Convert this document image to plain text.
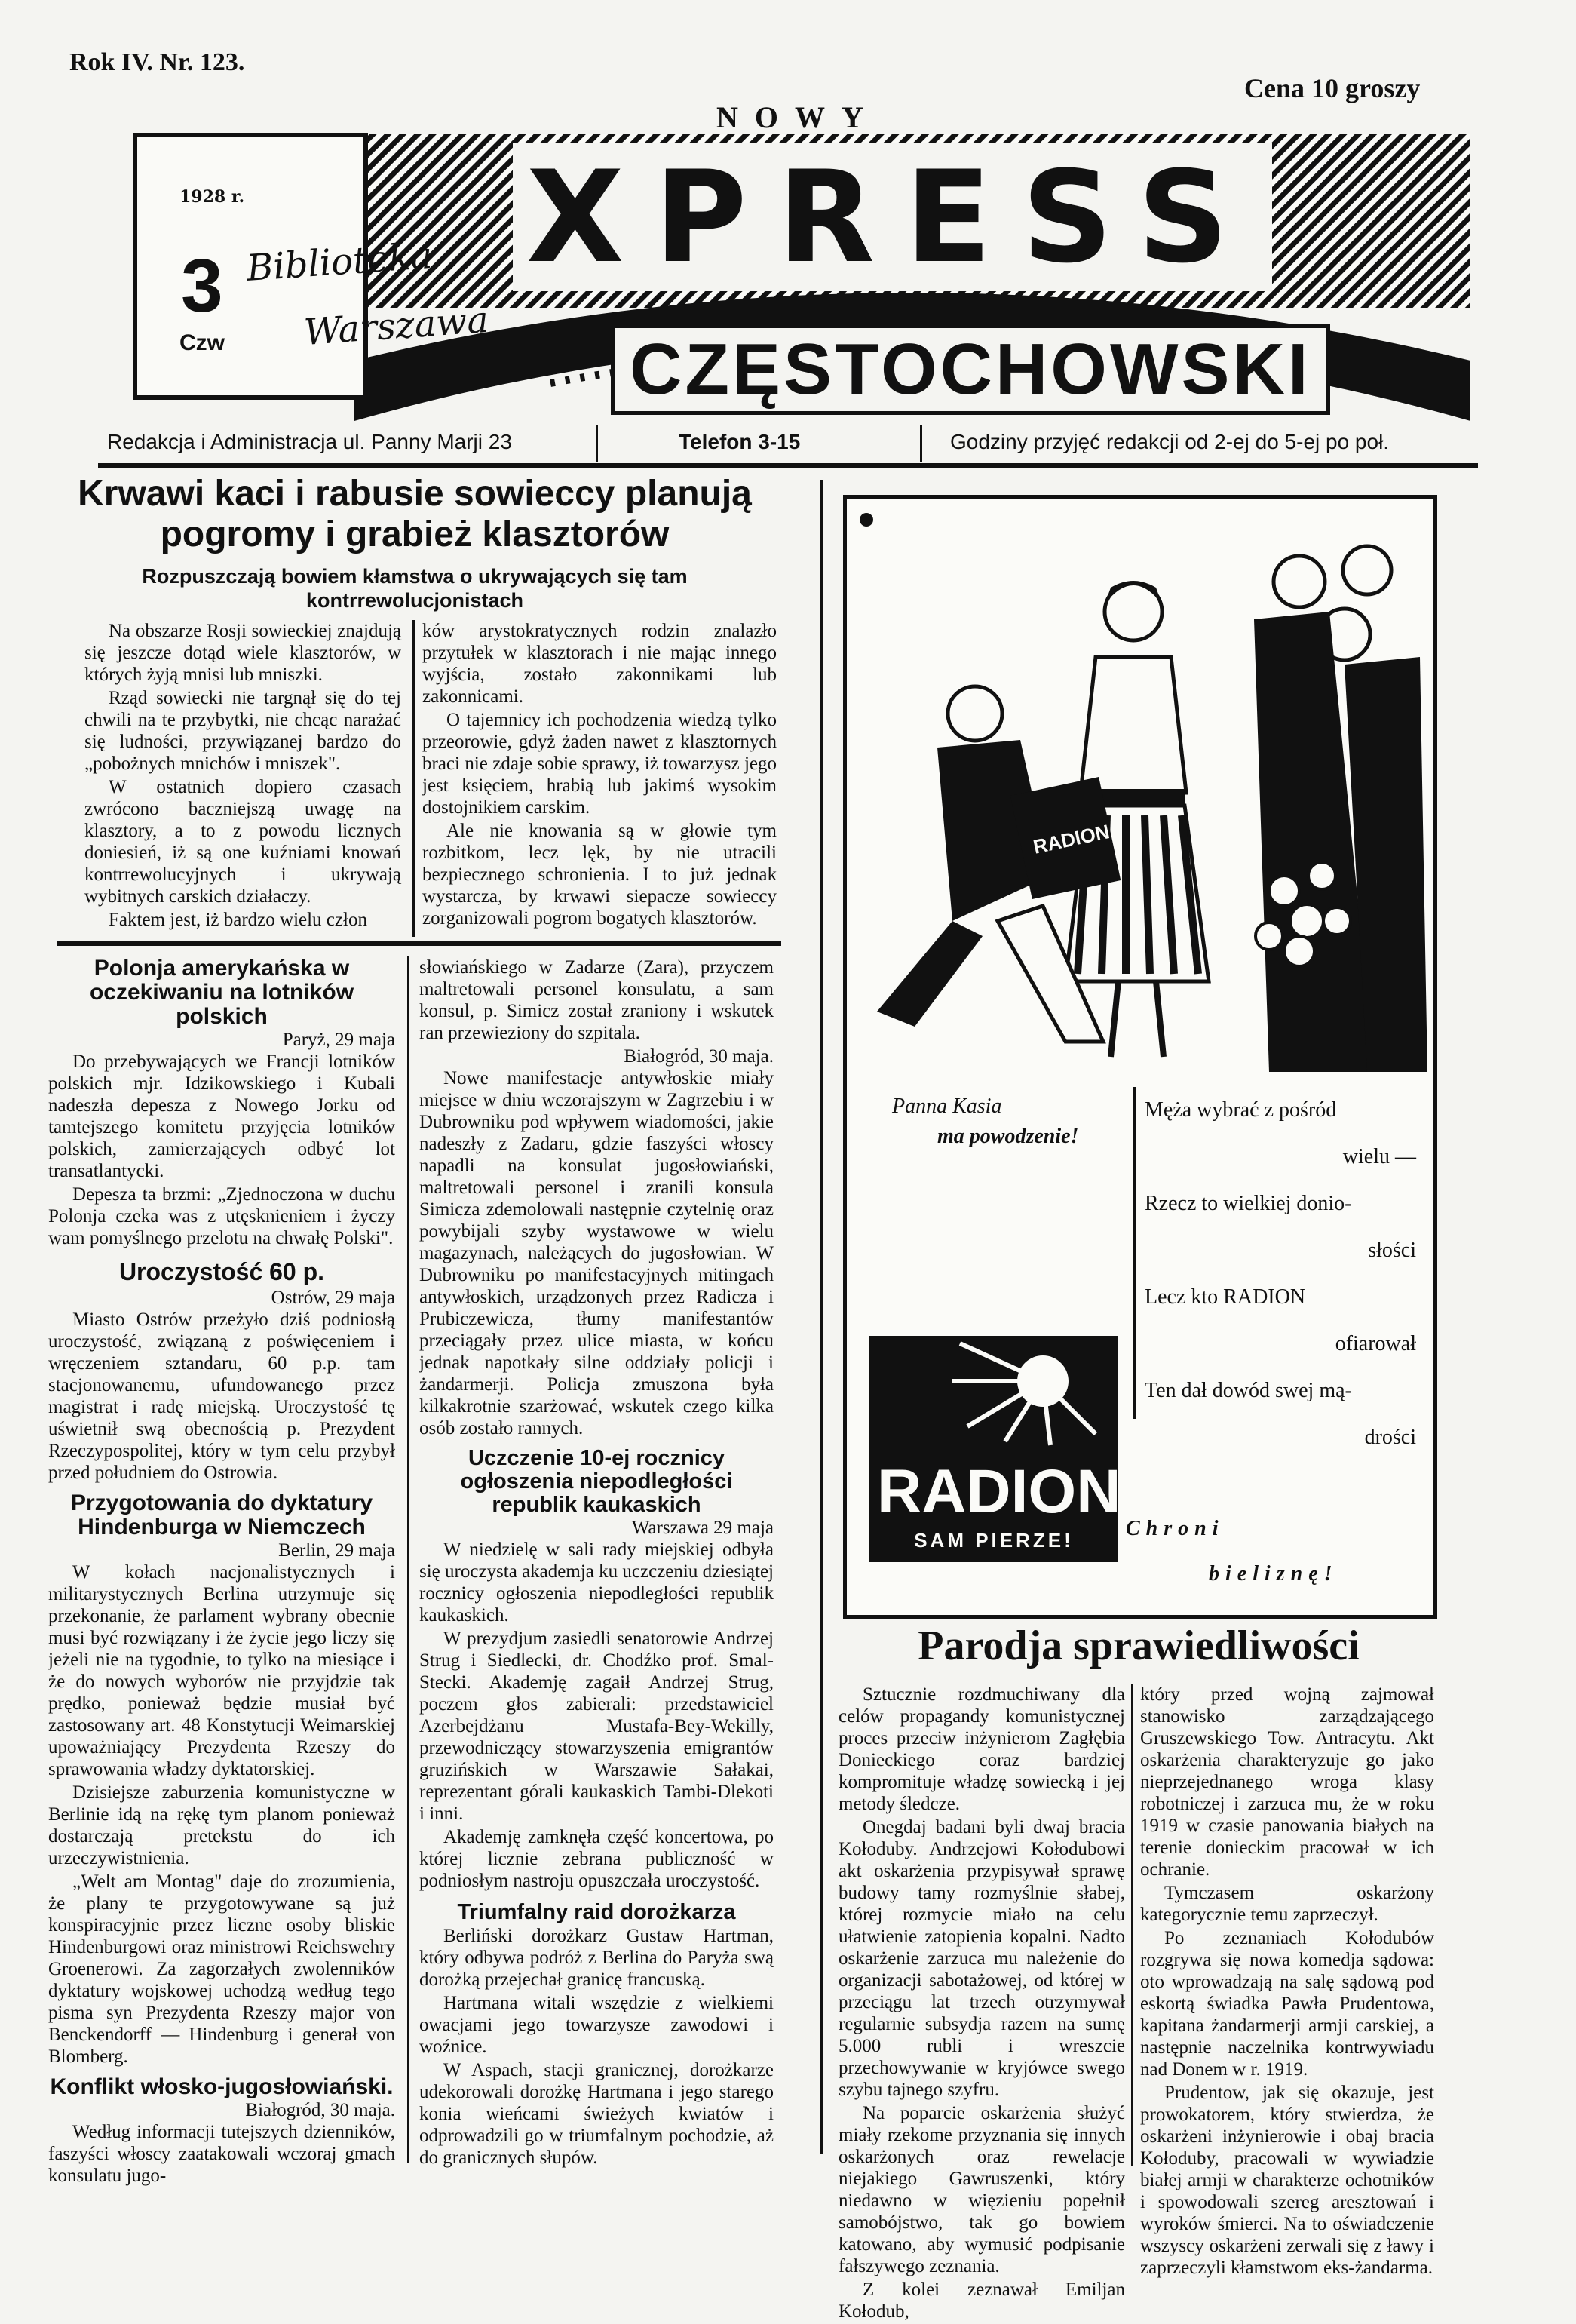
Rok IV. Nr. 123.
Cena 10 groszy
NOWY
XPRESS
CZĘSTOCHOWSKI
1928 r.
3
Czw
Biblioteka
Warszawa
Redakcja i Administracja ul. Panny Marji 23	Telefon 3-15	Godziny przyjęć redakcji od 2-ej do 5-ej po poł.
Krwawi kaci i rabusie sowieccy planują pogromy i grabież klasztorów
Rozpuszczają bowiem kłamstwa o ukrywających się tam kontrrewolucjonistach

Na obszarze Rosji sowieckiej znajdują się jeszcze dotąd wiele klasztorów, w których żyją mnisi lub mniszki.

Rząd sowiecki nie targnął się do tej chwili na te przybytki, nie chcąc narażać się ludności, przywiązanej bardzo do „pobożnych mnichów i mniszek".

W ostatnich dopiero czasach zwrócono baczniejszą uwagę na klasztory, a to z powodu licznych doniesień, iż są one kuźniami knowań kontrrewolucyjnych i ukrywają wybitnych carskich działaczy.

Faktem jest, iż bardzo wielu człon

ków arystokratycznych rodzin znalazło przytułek w klasztorach i nie mając innego wyjścia, zostało zakonnikami lub zakonnicami.

O tajemnicy ich pochodzenia wiedzą tylko przeorowie, gdyż żaden nawet z klasztornych braci nie zdaje sobie sprawy, iż towarzysz jego jest księciem, hrabią lub jakimś wysokim dostojnikiem carskim.

Ale nie knowania są w głowie tym rozbitkom, lecz lęk, by nie utracili bezpiecznego schronienia. I to już jednak wystarcza, by krwawi siepacze sowieccy zorganizowali pogrom bogatych klasztorów.

Polonja amerykańska w oczekiwaniu na lotników polskich
Paryż, 29 maja

Do przebywających we Francji lotników polskich mjr. Idzikowskiego i Kubali nadeszła depesza z Nowego Jorku od tamtejszego komitetu przyjęcia lotników polskich, zamierzających odbyć lot transatlantycki.

Depesza ta brzmi: „Zjednoczona w duchu Polonja czeka was z utęsknieniem i życzy wam pomyślnego przelotu na chwałę Polski".

Uroczystość 60 p.
Ostrów, 29 maja

Miasto Ostrów przeżyło dziś podniosłą uroczystość, związaną z poświęceniem i wręczeniem sztandaru, 60 p.p. tam stacjonowanemu, ufundowanego przez magistrat i radę miejską. Uroczystość tę uświetnił swą obecnością p. Prezydent Rzeczypospolitej, który w tym celu przybył przed południem do Ostrowia.

Przygotowania do dyktatury Hindenburga w Niemczech
Berlin, 29 maja

W kołach nacjonalistycznych i militarystycznych Berlina utrzymuje się przekonanie, że parlament wybrany obecnie musi być rozwiązany i że życie jego liczy się jeżeli nie na tygodnie, to tylko na miesiące i że do nowych wyborów nie przyjdzie tak prędko, ponieważ będzie musiał być zastosowany art. 48 Konstytucji Weimarskiej upoważniający Prezydenta Rzeszy do sprawowania władzy dyktatorskiej.

Dzisiejsze zaburzenia komunistyczne w Berlinie idą na rękę tym planom ponieważ dostarczają pretekstu do ich urzeczywistnienia.

„Welt am Montag" daje do zrozumienia, że plany te przygotowywane są już konspiracyjnie przez liczne osoby bliskie Hindenburgowi oraz ministrowi Reichswehry Groenerowi. Za zagorzałych zwolenników dyktatury wojskowej uchodzą według tego pisma syn Prezydenta Rzeszy major von Benckendorff — Hindenburg i generał von Blomberg.

Konflikt włosko-jugosłowiański.
Białogród, 30 maja.

Według informacji tutejszych dzienników, faszyści włoscy zaatakowali wczoraj gmach konsulatu jugo-

słowiańskiego w Zadarze (Zara), przyczem maltretowali personel konsulatu, a sam konsul, p. Simicz został zraniony i wskutek ran przewieziony do szpitala.

Białogród, 30 maja.

Nowe manifestacje antywłoskie miały miejsce w dniu wczorajszym w Zagrzebiu i w Dubrowniku pod wpływem wiadomości, jakie nadeszły z Zadaru, gdzie faszyści włoscy napadli na konsulat jugosłowiański, maltretowali personel i zranili konsula Simicza zdemolowali następnie czytelnię oraz powybijali szyby wystawowe w wielu magazynach, należących do jugosłowian. W Dubrowniku po manifestacyjnych mitingach antywłoskich, urządzonych przez Radicza i Prubiczewicza, tłumy manifestantów przeciągały przez ulice miasta, w końcu jednak napotkały silne oddziały policji i żandarmerji. Policja zmuszona była kilkakrotnie szarżować, wskutek czego kilka osób zostało rannych.

Uczczenie 10-ej rocznicy ogłoszenia niepodległości republik kaukaskich
Warszawa 29 maja

W niedzielę w sali rady miejskiej odbyła się uroczysta akademja ku uczczeniu dziesiątej rocznicy ogłoszenia niepodległości republik kaukaskich.

W prezydjum zasiedli senatorowie Andrzej Strug i Siedlecki, dr. Chodźko prof. Smal-Stecki. Akademję zagaił Andrzej Strug, poczem głos zabierali: przedstawiciel Azerbejdżanu Mustafa-Bey-Wekilly, przewodniczący stowarzyszenia emigrantów gruzińskich w Warszawie Sałakai, reprezentant górali kaukaskich Tambi-Dlekoti i inni.

Akademję zamknęła część koncertowa, po której licznie zebrana publiczność w podniosłym nastroju opuszczała uroczystość.

Triumfalny raid dorożkarza

Berliński dorożkarz Gustaw Hartman, który odbywa podróż z Berlina do Paryża swą dorożką przejechał granicę francuską.

Hartmana witali wszędzie z wielkiemi owacjami jego towarzysze zawodowi i woźnice.

W Aspach, stacji granicznej, dorożkarze udekorowali dorożkę Hartmana i jego starego konia wieńcami świeżych kwiatów i odprowadzili go w triumfalnym pochodzie, aż do granicznych słupów.

RADION
Panna Kasia
ma powodzenie!
Męża wybrać z pośród
wielu —
Rzecz to wielkiej donio-
słości
Lecz kto RADION
ofiarował
Ten dał dowód swej mą-
drości
RADION
SAM PIERZE!	Chroni
bieliznę!
Parodja sprawiedliwości

Sztucznie rozdmuchiwany dla celów propagandy komunistycznej proces przeciw inżynierom Zagłębia Donieckiego coraz bardziej kompromituje władzę sowiecką i jej metody śledcze.

Onegdaj badani byli dwaj bracia Kołoduby. Andrzejowi Kołodubowi akt oskarżenia przypisywał sprawę budowy tamy rozmyślnie słabej, której rozmycie miało na celu ułatwienie zatopienia kopalni. Nadto oskarżenie zarzuca mu należenie do organizacji sabotażowej, od której w przeciągu lat trzech otrzymywał regularnie subsydja razem na sumę 5.000 rubli i wreszcie przechowywanie w kryjówce swego szybu tajnego szyfru.

Na poparcie oskarżenia służyć miały rzekome przyznania się innych oskarżonych oraz rewelacje niejakiego Gawruszenki, który niedawno w więzieniu popełnił samobójstwo, tak go bowiem katowano, aby wymusić podpisanie fałszywego zeznania.

Z kolei zeznawał Emiljan Kołodub,

który przed wojną zajmował stanowisko zarządzającego Gruszewskiego Tow. Antracytu. Akt oskarżenia charakteryzuje go jako nieprzejednanego wroga klasy robotniczej i zarzuca mu, że w roku 1919 w czasie panowania białych na terenie donieckim pracował w ich ochranie.

Tymczasem oskarżony kategorycznie temu zaprzeczył.

Po zeznaniach Kołodubów rozgrywa się nowa komedja sądowa: oto wprowadzają na salę sądową pod eskortą świadka Pawła Prudentowa, kapitana żandarmerji armji carskiej, a następnie naczelnika kontrwywiadu nad Donem w r. 1919.

Prudentow, jak się okazuje, jest prowokatorem, który stwierdza, że oskarżeni inżynierowie i obaj bracia Kołoduby, pracowali w wywiadzie białej armji w charakterze ochotników i spowodowali szereg aresztowań i wyroków śmierci. Na to oświadczenie wszyscy oskarżeni zerwali się z ławy i zaprzeczyli kłamstwom eks-żandarma.
